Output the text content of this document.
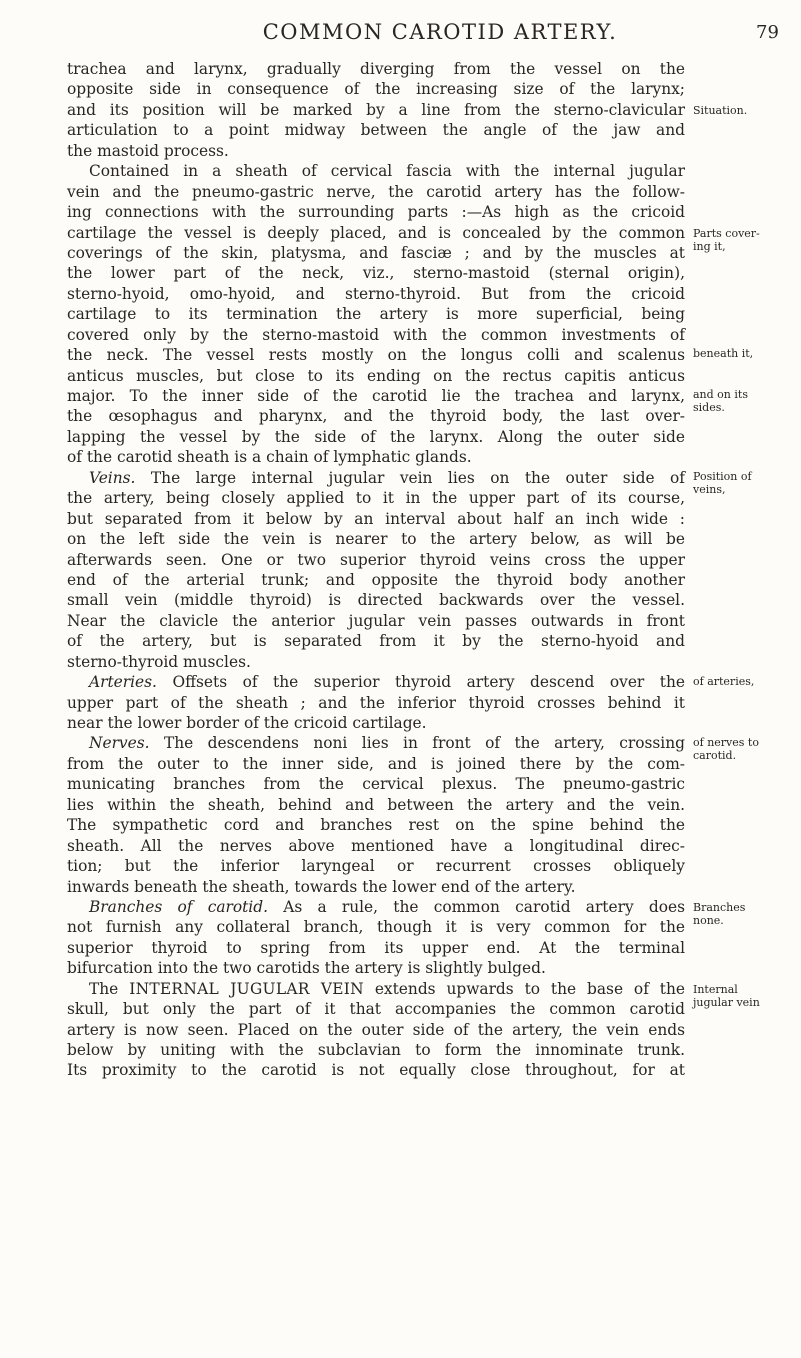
COMMON CAROTID ARTERY.	79
trachea and larynx, gradually diverging from the vessel on the
opposite side in consequence of the increasing size of the larynx;
and its position will be marked by a line from the sterno-clavicular
articulation to a point midway between the angle of the jaw and
the mastoid process.
Contained in a sheath of cervical fascia with the internal jugular
vein and the pneumo-gastric nerve, the carotid artery has the follow-
ing connections with the surrounding parts :—As high as the cricoid
cartilage the vessel is deeply placed, and is concealed by the common
coverings of the skin, platysma, and fasciæ ; and by the muscles at
the lower part of the neck, viz., sterno-mastoid (sternal origin),
sterno-hyoid, omo-hyoid, and sterno-thyroid. But from the cricoid
cartilage to its termination the artery is more superficial, being
covered only by the sterno-mastoid with the common investments of
the neck. The vessel rests mostly on the longus colli and scalenus
anticus muscles, but close to its ending on the rectus capitis anticus
major. To the inner side of the carotid lie the trachea and larynx,
the œsophagus and pharynx, and the thyroid body, the last over-
lapping the vessel by the side of the larynx. Along the outer side
of the carotid sheath is a chain of lymphatic glands.
Veins. The large internal jugular vein lies on the outer side of
the artery, being closely applied to it in the upper part of its course,
but separated from it below by an interval about half an inch wide :
on the left side the vein is nearer to the artery below, as will be
afterwards seen. One or two superior thyroid veins cross the upper
end of the arterial trunk; and opposite the thyroid body another
small vein (middle thyroid) is directed backwards over the vessel.
Near the clavicle the anterior jugular vein passes outwards in front
of the artery, but is separated from it by the sterno-hyoid and
sterno-thyroid muscles.
Arteries. Offsets of the superior thyroid artery descend over the
upper part of the sheath ; and the inferior thyroid crosses behind it
near the lower border of the cricoid cartilage.
Nerves. The descendens noni lies in front of the artery, crossing
from the outer to the inner side, and is joined there by the com-
municating branches from the cervical plexus. The pneumo-gastric
lies within the sheath, behind and between the artery and the vein.
The sympathetic cord and branches rest on the spine behind the
sheath. All the nerves above mentioned have a longitudinal direc-
tion; but the inferior laryngeal or recurrent crosses obliquely
inwards beneath the sheath, towards the lower end of the artery.
Branches of carotid. As a rule, the common carotid artery does
not furnish any collateral branch, though it is very common for the
superior thyroid to spring from its upper end. At the terminal
bifurcation into the two carotids the artery is slightly bulged.
The INTERNAL JUGULAR VEIN extends upwards to the base of the
skull, but only the part of it that accompanies the common carotid
artery is now seen. Placed on the outer side of the artery, the vein ends
below by uniting with the subclavian to form the innominate trunk.
Its proximity to the carotid is not equally close throughout, for at
Situation.
Parts cover-
ing it,
beneath it,
and on its
sides.
Position of
veins,
of arteries,
of nerves to
carotid.
Branches
none.
Internal
jugular vein
